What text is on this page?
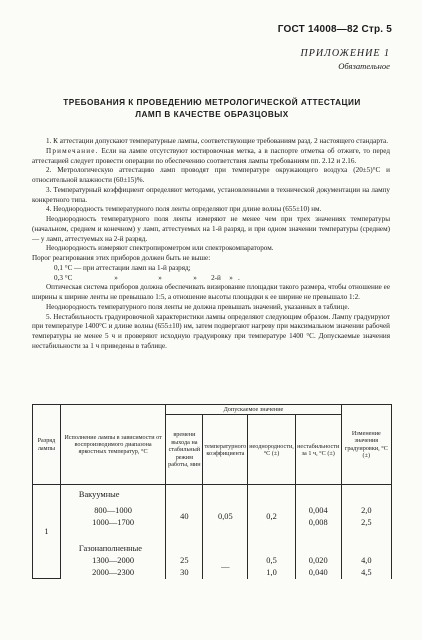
ГОСТ 14008—82 Стр. 5
ПРИЛОЖЕНИЕ 1
Обязательное
ТРЕБОВАНИЯ К ПРОВЕДЕНИЮ МЕТРОЛОГИЧЕСКОЙ АТТЕСТАЦИИ
ЛАМП В КАЧЕСТВЕ ОБРАЗЦОВЫХ

1. К аттестации допускают температурные лампы, соответствующие требованиям разд. 2 настоящего стандарта.

Примечание. Если на лампе отсутствуют юстировочная метка, а в паспорте отметка об отжиге, то перед аттестацией следует провести операции по обеспечению соответствия лампы требованиям пп. 2.12 и 2.16.

2. Метрологическую аттестацию ламп проводят при температуре окружающего воздуха (20±5)°С и относительной влажности (60±15)%.

3. Температурный коэффициент определяют методами, установленными в технической документации на лампу конкретного типа.

4. Неоднородность температурного поля ленты определяют при длине волны (655±10) нм.

Неоднородность температурного поля ленты измеряют не менее чем при трех значениях температуры (начальном, среднем и конечном) у ламп, аттестуемых на 1-й разряд, и при одном значении температуры (среднем) — у ламп, аттестуемых на 2-й разряд.

Неоднородность измеряют спектропирометром или спектрокомпаратором.

Порог реагирования этих приборов должен быть не выше:

0,1 °С — при аттестации ламп на 1-й разряд;

0,3 °С	»	»	» 2-й » .

Оптическая система приборов должна обеспечивать визирование площадки такого размера, чтобы отношение ее ширины к ширине ленты не превышало 1:5, а отношение высоты площадки к ее ширине не превышало 1:2.

Неоднородность температурного поля ленты не должна превышать значений, указанных в таблице.

5. Нестабильность градуировочной характеристики лампы определяют следующим образом. Лампу градуируют при температуре 1400°С и длине волны (655±10) нм, затем подвергают нагреву при максимальном значении рабочей температуры не менее 5 ч и проверяют исходную градуировку при температуре 1400 °С. Допускаемые значения нестабильности за 1 ч приведены в таблице.

Разряд лампы	Исполнение лампы в зависимости от воспроизводимого диапазона яркостных температур, °С	Допускаемое значение				Изменение значения градуировки, °С (±)
		времени выхода на стабильный режим работы, мин	температурного коэффициента	неоднородности, °С (±)	нестабильности за 1 ч, °С (±)	
1	Вакуумные					
	800—1000	40	0,05	0,2	0,004	2,0
	1000—1700				0,008	2,5

	Газонаполненные					
	1300—2000	25	—	0,5	0,020	4,0
	2000—2300	30		1,0	0,040	4,5
